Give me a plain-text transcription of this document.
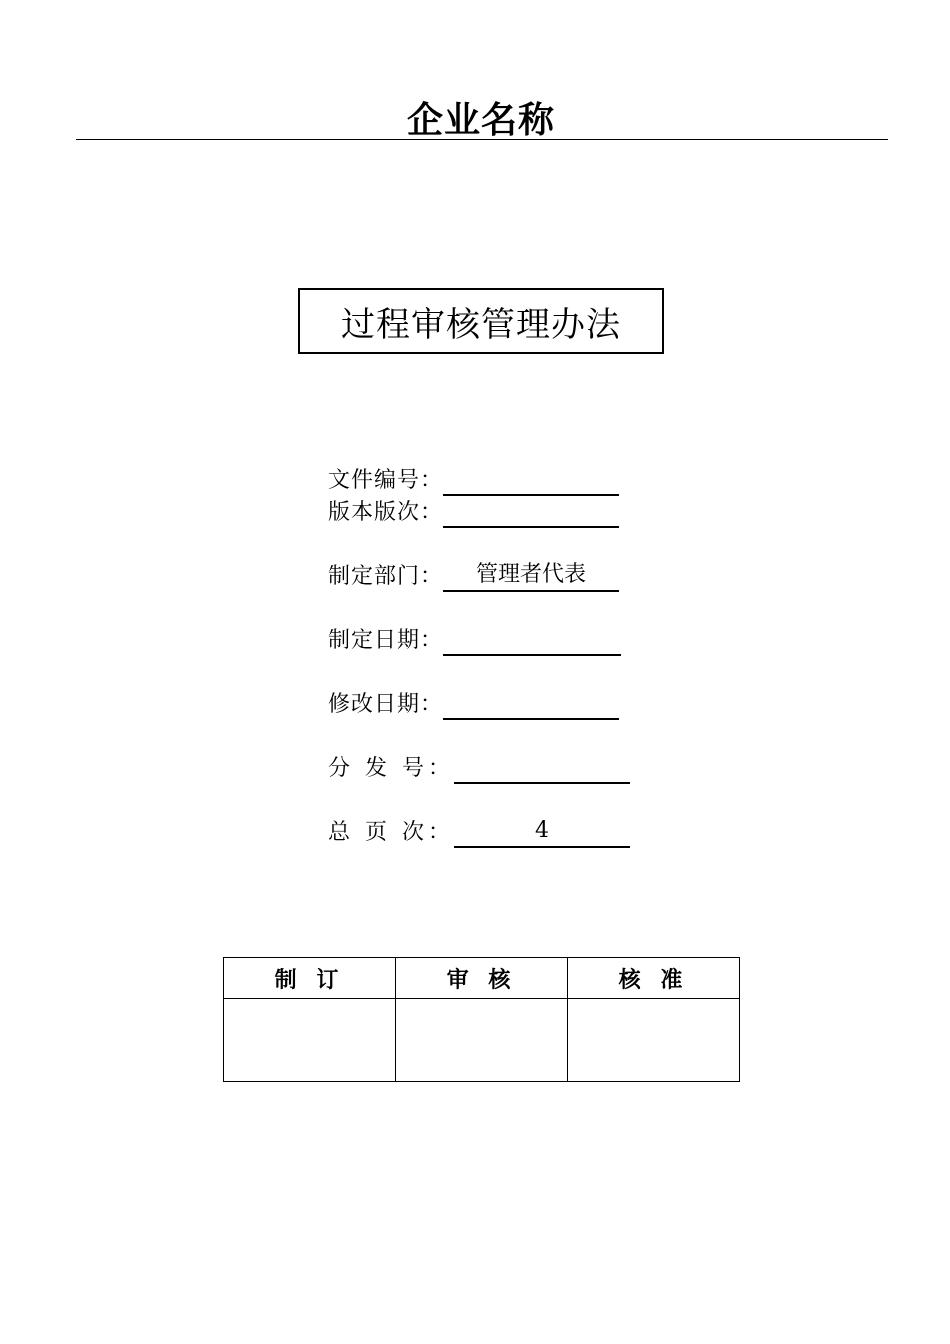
企业名称
过程审核管理办法
文件编号：
版本版次：
制定部门：	管理者代表
制定日期：
修改日期：
分 发 号：
总 页 次：	4
制 订	审 核	核 准
